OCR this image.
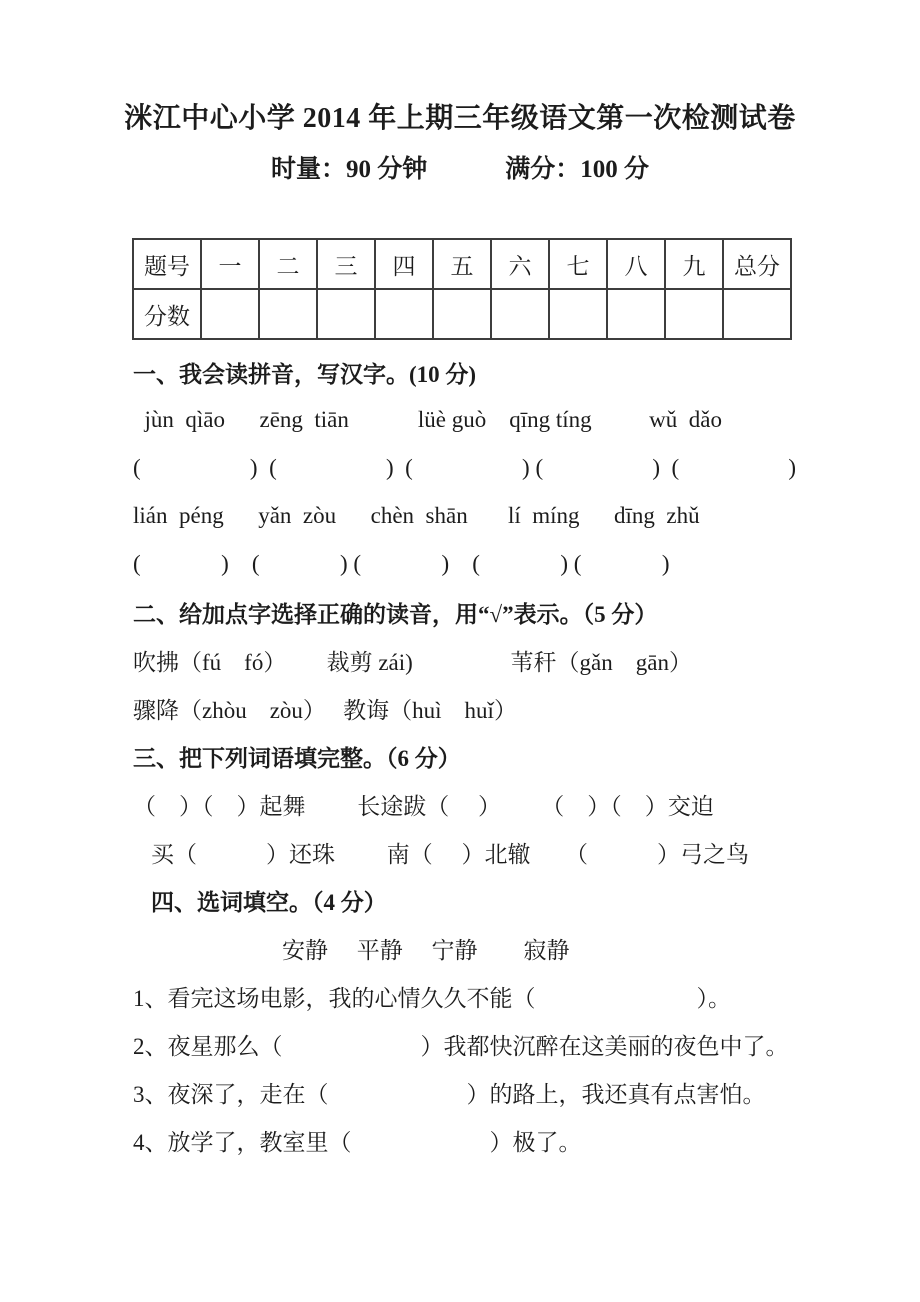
洣江中心小学 2014 年上期三年级语文第一次检测试卷
时量：90 分钟	满分：100 分
题号	一	二	三	四	五	六	七	八	九	总分
分数										
一、我会读拼音，写汉字。(10 分)
jùn  qìāo      zēng  tiān            lüè guò    qīng tíng          wǔ  dǎo
(                   )  (                   )  (                   ) (                   )  (                   )
lián  péng      yǎn  zòu      chèn  shān       lí  míng      dīng  zhǔ
(              )    (              ) (              )    (              ) (              )
二、给加点字选择正确的读音，用“√”表示。（5 分）
吹拂（fú　fó）　　 裁剪 zái)　　　　 苇秆（gǎn　gān）
骤降（zhòu　zòu）　 教诲（huì　huǐ）
三、把下列词语填完整。（6 分）
（　）（　）起舞　　 长途跋（　 ）　　 （　）（　）交迫
买（　　　）还珠　　 南（　 ）北辙　　（　　　）弓之鸟
四、选词填空。（4 分）
安静　 平静　 宁静　　寂静
1、看完这场电影，我的心情久久不能（　　　　　　　）。
2、夜星那么（　　　　　　）我都快沉醉在这美丽的夜色中了。
3、夜深了，走在（　　　　　　）的路上，我还真有点害怕。
4、放学了，教室里（　　　　　　）极了。
